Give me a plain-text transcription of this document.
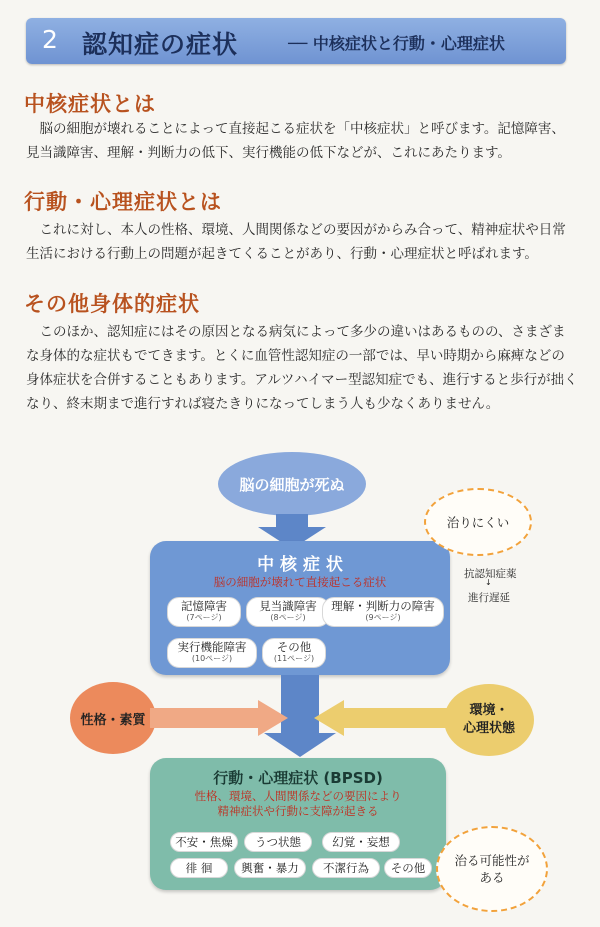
2 認知症の症状	── 中核症状と行動・心理症状
中核症状とは

脳の細胞が壊れることによって直接起こる症状を「中核症状」と呼びます。記憶障害、見当識障害、理解・判断力の低下、実行機能の低下などが、これにあたります。

行動・心理症状とは

これに対し、本人の性格、環境、人間関係などの要因がからみ合って、精神症状や日常生活における行動上の問題が起きてくることがあり、行動・心理症状と呼ばれます。

その他身体的症状

このほか、認知症にはその原因となる病気によって多少の違いはあるものの、さまざまな身体的な症状もでてきます。とくに血管性認知症の一部では、早い時期から麻痺などの身体症状を合併することもあります。アルツハイマー型認知症でも、進行すると歩行が拙くなり、終末期まで進行すれば寝たきりになってしまう人も少なくありません。

脳の細胞が死ぬ
中 核 症 状
脳の細胞が壊れて直接起こる症状
記憶障害
(7ページ)
見当識障害
(8ページ)
理解・判断力の障害
(9ページ)
実行機能障害
(10ページ)
その他
(11ページ)
治りにくい
抗認知症薬
↓
進行遅延
性格・素質
環境・
心理状態
行動・心理症状 (BPSD)
性格、環境、人間関係などの要因により
精神症状や行動に支障が起きる
不安・焦燥	うつ状態	幻覚・妄想
徘 徊	興奮・暴力	不潔行為	その他	治る可能性が
ある
